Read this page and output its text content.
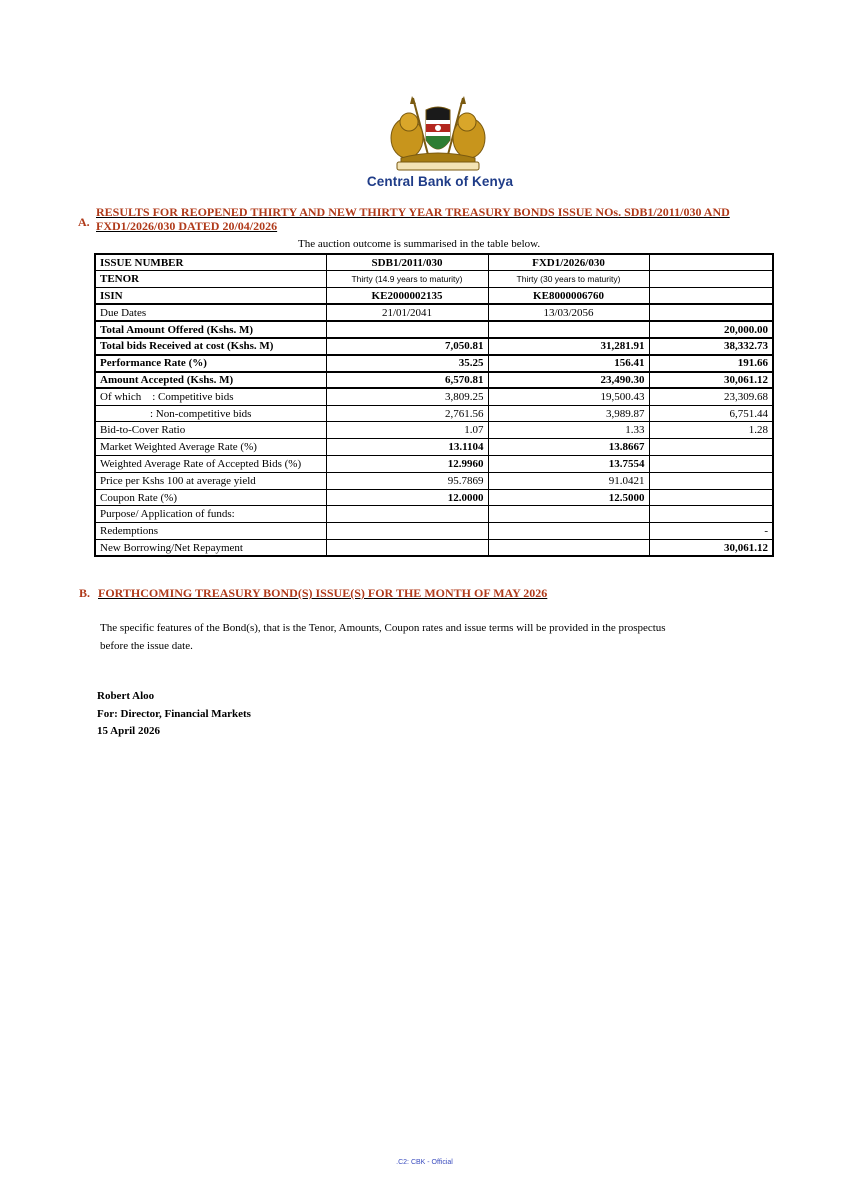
Central Bank of Kenya
A.
RESULTS FOR REOPENED THIRTY AND NEW THIRTY YEAR TREASURY BONDS ISSUE NOs. SDB1/2011/030 AND FXD1/2026/030 DATED 20/04/2026
The auction outcome is summarised in the table below.
ISSUE NUMBER	SDB1/2011/030	FXD1/2026/030	
TENOR	Thirty (14.9 years to maturity)	Thirty (30 years to maturity)	
ISIN	KE2000002135	KE8000006760	
Due Dates	21/01/2041	13/03/2056	
Total Amount Offered (Kshs. M)			20,000.00
Total bids Received at cost (Kshs. M)	7,050.81	31,281.91	38,332.73
Performance Rate (%)	35.25	156.41	191.66
Amount Accepted (Kshs. M)	6,570.81	23,490.30	30,061.12
Of which    : Competitive bids	3,809.25	19,500.43	23,309.68
: Non-competitive bids	2,761.56	3,989.87	6,751.44
Bid-to-Cover Ratio	1.07	1.33	1.28
Market Weighted Average Rate (%)	13.1104	13.8667	
Weighted Average Rate of Accepted Bids (%)	12.9960	13.7554	
Price per Kshs 100 at average yield	95.7869	91.0421	
Coupon Rate (%)	12.0000	12.5000	
Purpose/ Application of funds:			
Redemptions			-
New Borrowing/Net Repayment			30,061.12
B. FORTHCOMING TREASURY BOND(S) ISSUE(S) FOR THE MONTH OF MAY 2026
The specific features of the Bond(s), that is the Tenor, Amounts, Coupon rates and issue terms will be provided in the prospectus before the issue date.
Robert Aloo
For: Director, Financial Markets
15 April 2026
.C2: CBK - Official
